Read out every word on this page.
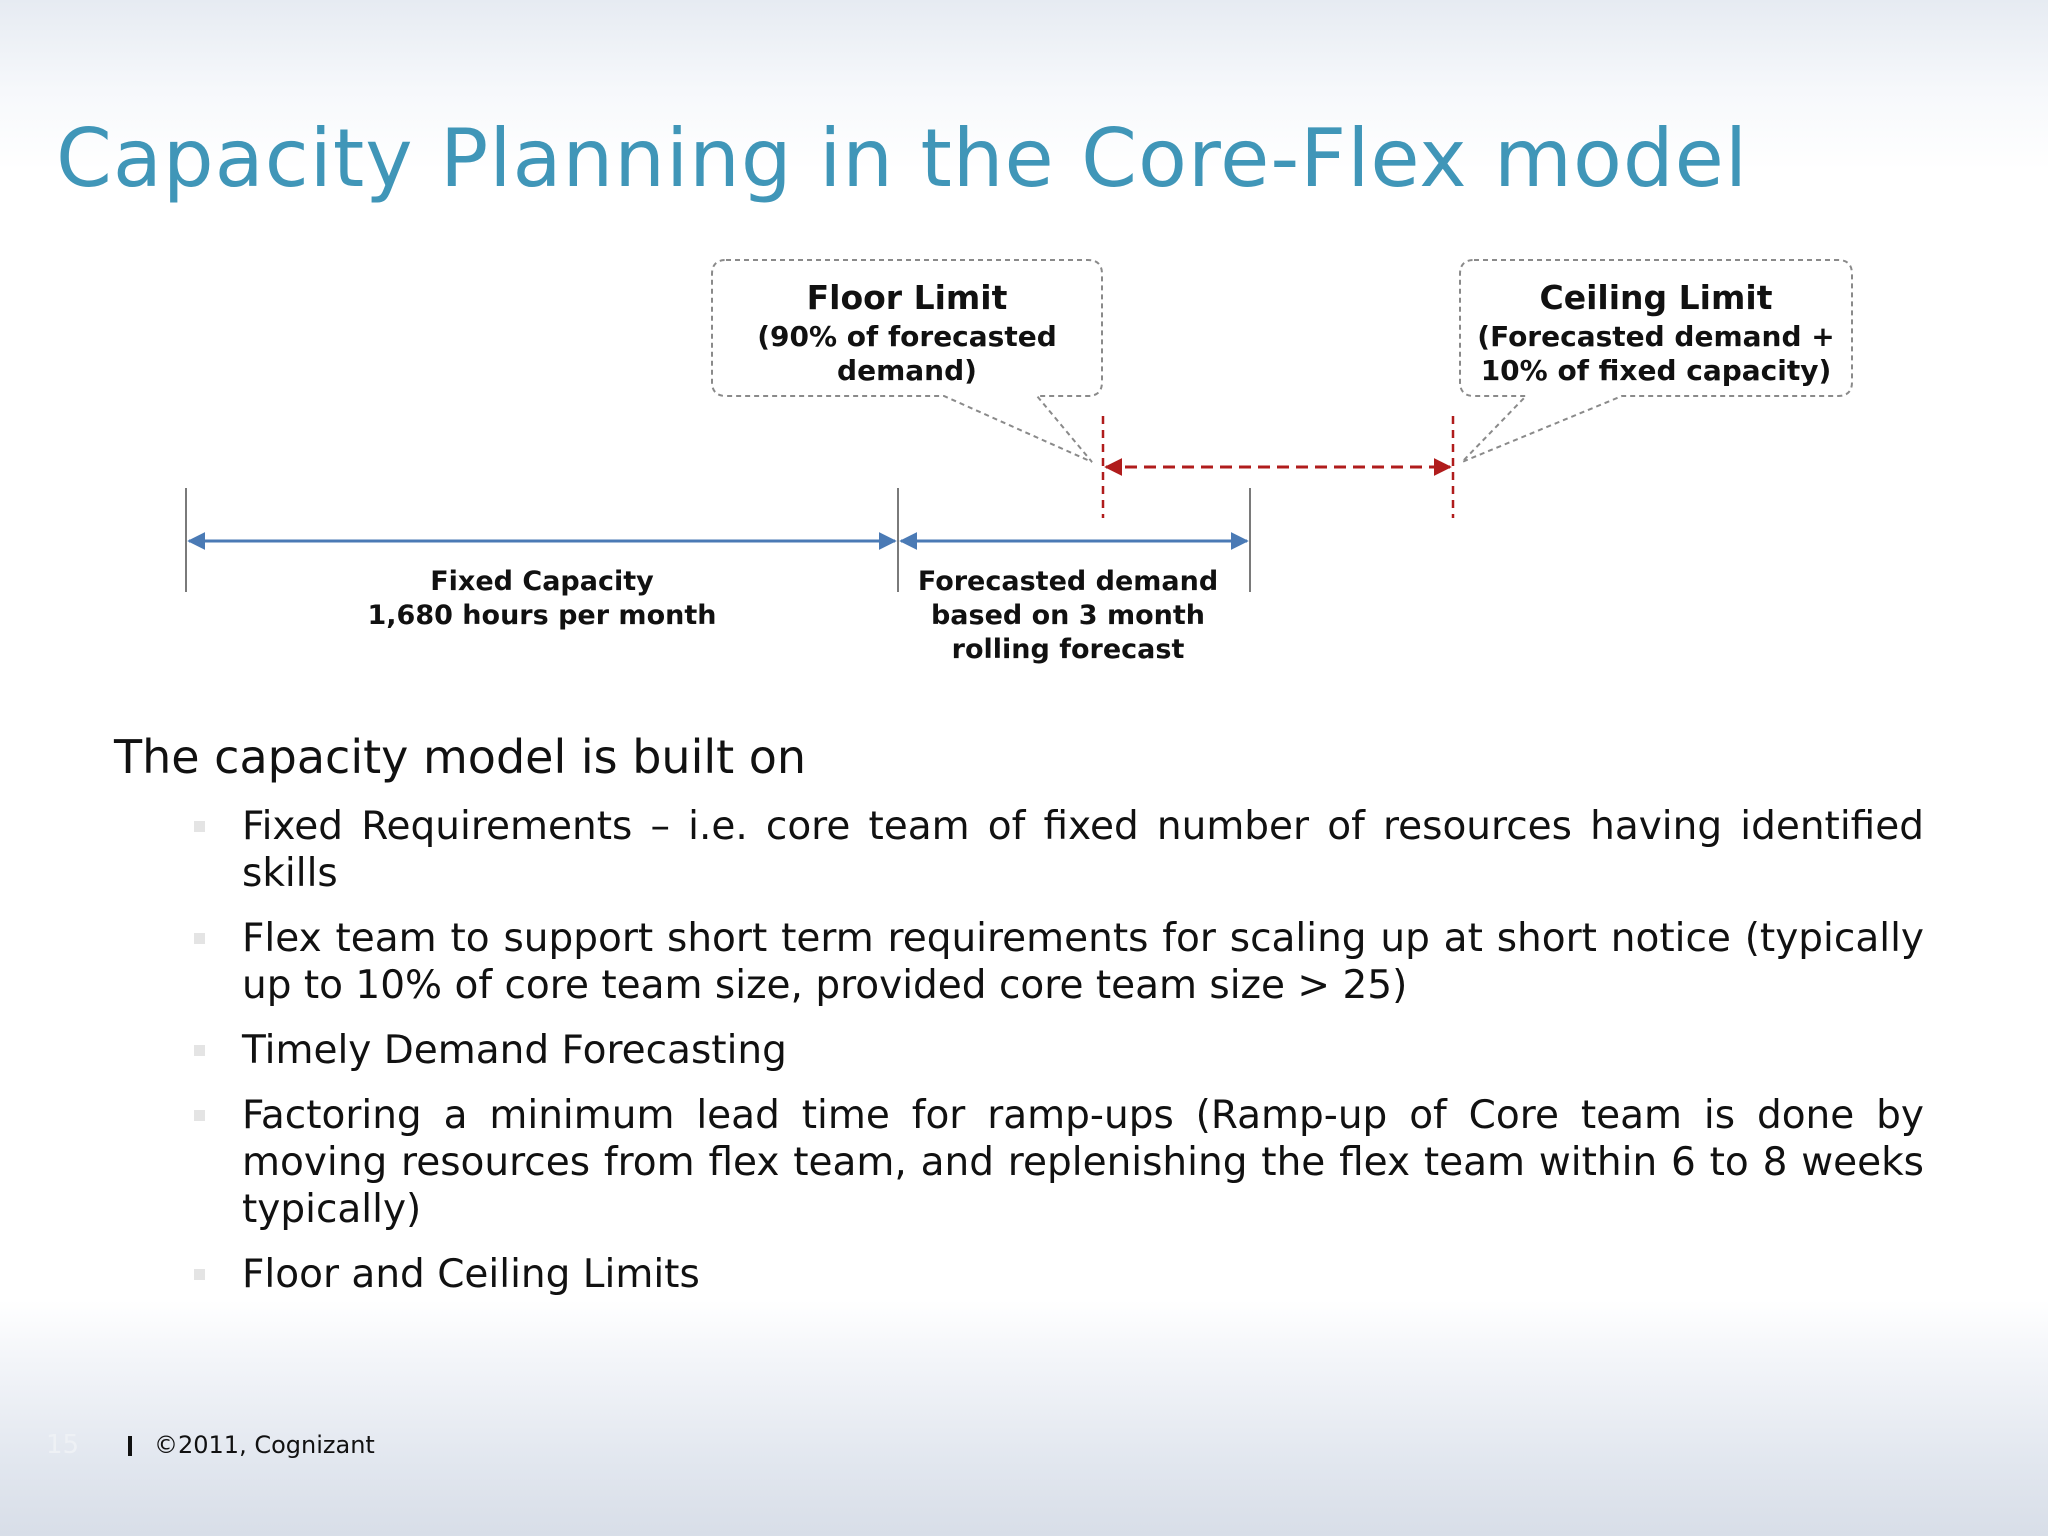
Capacity Planning in the Core-Flex model
Floor Limit
(90% of forecasted
demand)
Ceiling Limit
(Forecasted demand +
10% of fixed capacity)
Fixed Capacity
1,680 hours per month
Forecasted demand
based on 3 month
rolling forecast
The capacity model is built on
Fixed Requirements – i.e. core team of fixed number of resources having identified skills
Flex team to support short term requirements for scaling up at short notice (typically up to 10% of core team size, provided core team size > 25)
Timely Demand Forecasting
Factoring a minimum lead time for ramp-ups (Ramp-up of Core team is done by moving resources from flex team, and replenishing the flex team within 6 to 8 weeks typically)
Floor and Ceiling Limits
15	©2011, Cognizant
